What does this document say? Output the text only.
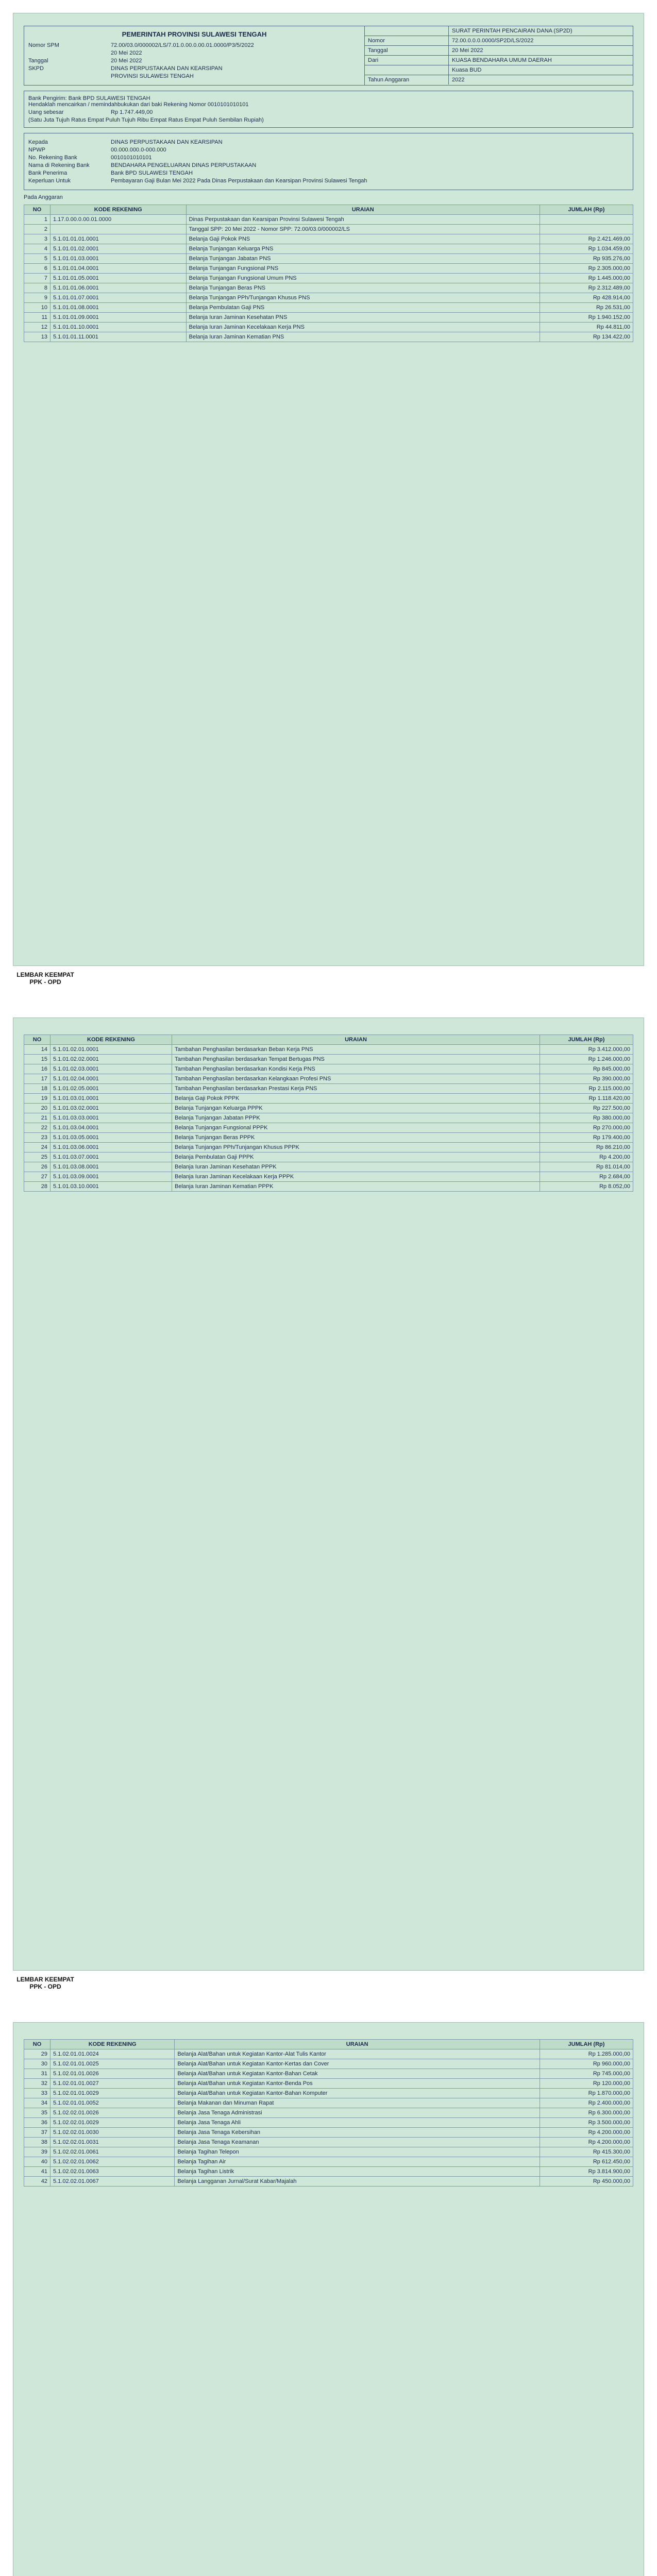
PEMERINTAH PROVINSI SULAWESI TENGAH
Nomor SPM	72.00/03.0/000002/LS/7.01.0.00.0.00.01.0000/P3/5/2022
20 Mei 2022
Tanggal	20 Mei 2022
SKPD	DINAS PERPUSTAKAAN DAN KEARSIPAN
PROVINSI SULAWESI TENGAH
SURAT PERINTAH PENCAIRAN DANA (SP2D)
Nomor	72.00.0.0.0.0000/SP2D/LS/2022
Tanggal	20 Mei 2022
Dari	KUASA BENDAHARA UMUM DAERAH
Kuasa BUD
Tahun Anggaran	2022
Bank Pengirim: Bank BPD SULAWESI TENGAH
Hendaklah mencairkan / memindahbukukan dari baki Rekening Nomor 0010101010101
Uang sebesar	Rp 1.747.449,00
(Satu Juta Tujuh Ratus Empat Puluh Tujuh Ribu Empat Ratus Empat Puluh Sembilan Rupiah)
Kepada	DINAS PERPUSTAKAAN DAN KEARSIPAN
NPWP	00.000.000.0-000.000
No. Rekening Bank	0010101010101
Nama di Rekening Bank	BENDAHARA PENGELUARAN DINAS PERPUSTAKAAN
Bank Penerima	Bank BPD SULAWESI TENGAH
Keperluan Untuk	Pembayaran Gaji Bulan Mei 2022 Pada Dinas Perpustakaan dan Kearsipan Provinsi Sulawesi Tengah
Pada Anggaran
NO	KODE REKENING	URAIAN	JUMLAH (Rp)
1	1.17.0.00.0.00.01.0000	Dinas Perpustakaan dan Kearsipan Provinsi Sulawesi Tengah	
2		Tanggal SPP: 20 Mei 2022 - Nomor SPP: 72.00/03.0/000002/LS	
3	5.1.01.01.01.0001	Belanja Gaji Pokok PNS	Rp 2.421.469,00
4	5.1.01.01.02.0001	Belanja Tunjangan Keluarga PNS	Rp 1.034.459,00
5	5.1.01.01.03.0001	Belanja Tunjangan Jabatan PNS	Rp 935.276,00
6	5.1.01.01.04.0001	Belanja Tunjangan Fungsional PNS	Rp 2.305.000,00
7	5.1.01.01.05.0001	Belanja Tunjangan Fungsional Umum PNS	Rp 1.445.000,00
8	5.1.01.01.06.0001	Belanja Tunjangan Beras PNS	Rp 2.312.489,00
9	5.1.01.01.07.0001	Belanja Tunjangan PPh/Tunjangan Khusus PNS	Rp 428.914,00
10	5.1.01.01.08.0001	Belanja Pembulatan Gaji PNS	Rp 26.531,00
11	5.1.01.01.09.0001	Belanja Iuran Jaminan Kesehatan PNS	Rp 1.940.152,00
12	5.1.01.01.10.0001	Belanja Iuran Jaminan Kecelakaan Kerja PNS	Rp 44.811,00
13	5.1.01.01.11.0001	Belanja Iuran Jaminan Kematian PNS	Rp 134.422,00
LEMBAR KEEMPAT
PPK - OPD
NO	KODE REKENING	URAIAN	JUMLAH (Rp)
14	5.1.01.02.01.0001	Tambahan Penghasilan berdasarkan Beban Kerja PNS	Rp 3.412.000,00
15	5.1.01.02.02.0001	Tambahan Penghasilan berdasarkan Tempat Bertugas PNS	Rp 1.246.000,00
16	5.1.01.02.03.0001	Tambahan Penghasilan berdasarkan Kondisi Kerja PNS	Rp 845.000,00
17	5.1.01.02.04.0001	Tambahan Penghasilan berdasarkan Kelangkaan Profesi PNS	Rp 390.000,00
18	5.1.01.02.05.0001	Tambahan Penghasilan berdasarkan Prestasi Kerja PNS	Rp 2.115.000,00
19	5.1.01.03.01.0001	Belanja Gaji Pokok PPPK	Rp 1.118.420,00
20	5.1.01.03.02.0001	Belanja Tunjangan Keluarga PPPK	Rp 227.500,00
21	5.1.01.03.03.0001	Belanja Tunjangan Jabatan PPPK	Rp 380.000,00
22	5.1.01.03.04.0001	Belanja Tunjangan Fungsional PPPK	Rp 270.000,00
23	5.1.01.03.05.0001	Belanja Tunjangan Beras PPPK	Rp 179.400,00
24	5.1.01.03.06.0001	Belanja Tunjangan PPh/Tunjangan Khusus PPPK	Rp 86.210,00
25	5.1.01.03.07.0001	Belanja Pembulatan Gaji PPPK	Rp 4.200,00
26	5.1.01.03.08.0001	Belanja Iuran Jaminan Kesehatan PPPK	Rp 81.014,00
27	5.1.01.03.09.0001	Belanja Iuran Jaminan Kecelakaan Kerja PPPK	Rp 2.684,00
28	5.1.01.03.10.0001	Belanja Iuran Jaminan Kematian PPPK	Rp 8.052,00
LEMBAR KEEMPAT
PPK - OPD
NO	KODE REKENING	URAIAN	JUMLAH (Rp)
29	5.1.02.01.01.0024	Belanja Alat/Bahan untuk Kegiatan Kantor-Alat Tulis Kantor	Rp 1.285.000,00
30	5.1.02.01.01.0025	Belanja Alat/Bahan untuk Kegiatan Kantor-Kertas dan Cover	Rp 960.000,00
31	5.1.02.01.01.0026	Belanja Alat/Bahan untuk Kegiatan Kantor-Bahan Cetak	Rp 745.000,00
32	5.1.02.01.01.0027	Belanja Alat/Bahan untuk Kegiatan Kantor-Benda Pos	Rp 120.000,00
33	5.1.02.01.01.0029	Belanja Alat/Bahan untuk Kegiatan Kantor-Bahan Komputer	Rp 1.870.000,00
34	5.1.02.01.01.0052	Belanja Makanan dan Minuman Rapat	Rp 2.400.000,00
35	5.1.02.02.01.0026	Belanja Jasa Tenaga Administrasi	Rp 6.300.000,00
36	5.1.02.02.01.0029	Belanja Jasa Tenaga Ahli	Rp 3.500.000,00
37	5.1.02.02.01.0030	Belanja Jasa Tenaga Kebersihan	Rp 4.200.000,00
38	5.1.02.02.01.0031	Belanja Jasa Tenaga Keamanan	Rp 4.200.000,00
39	5.1.02.02.01.0061	Belanja Tagihan Telepon	Rp 415.300,00
40	5.1.02.02.01.0062	Belanja Tagihan Air	Rp 612.450,00
41	5.1.02.02.01.0063	Belanja Tagihan Listrik	Rp 3.814.900,00
42	5.1.02.02.01.0067	Belanja Langganan Jurnal/Surat Kabar/Majalah	Rp 450.000,00
